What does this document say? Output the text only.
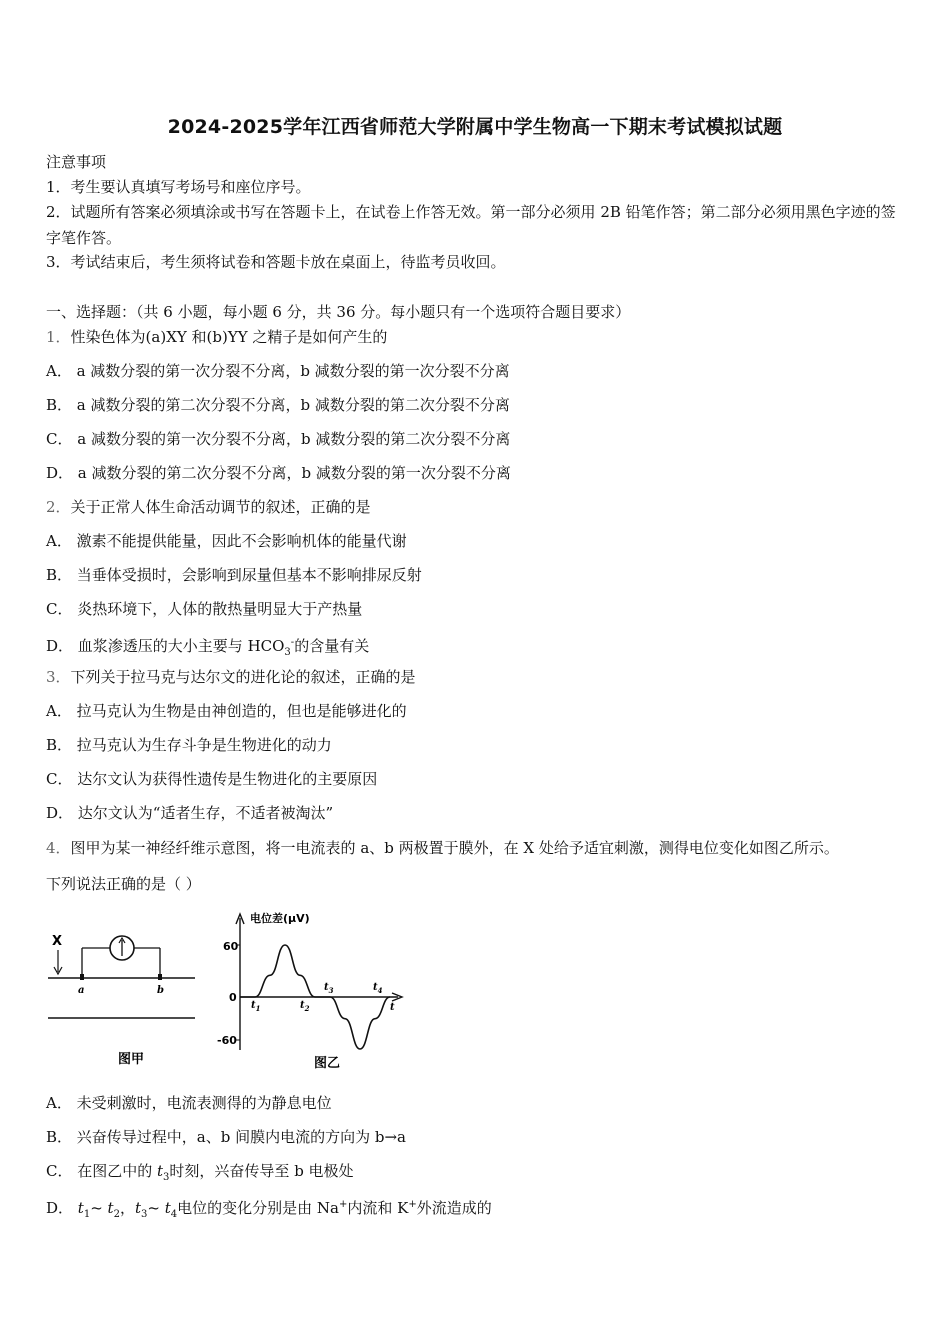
2024-2025学年江西省师范大学附属中学生物高一下期末考试模拟试题
注意事项
1．考生要认真填写考场号和座位序号。
2．试题所有答案必须填涂或书写在答题卡上，在试卷上作答无效。第一部分必须用 2B 铅笔作答；第二部分必须用黑色字迹的签字笔作答。
3．考试结束后，考生须将试卷和答题卡放在桌面上，待监考员收回。
一、选择题：（共 6 小题，每小题 6 分，共 36 分。每小题只有一个选项符合题目要求）
1．性染色体为(a)XY 和(b)YY 之精子是如何产生的
A． a 减数分裂的第一次分裂不分离，b 减数分裂的第一次分裂不分离
B． a 减数分裂的第二次分裂不分离，b 减数分裂的第二次分裂不分离
C． a 减数分裂的第一次分裂不分离，b 减数分裂的第二次分裂不分离
D． a 减数分裂的第二次分裂不分离，b 减数分裂的第一次分裂不分离
2．关于正常人体生命活动调节的叙述，正确的是
A． 激素不能提供能量，因此不会影响机体的能量代谢
B． 当垂体受损时，会影响到尿量但基本不影响排尿反射
C． 炎热环境下，人体的散热量明显大于产热量
D． 血浆渗透压的大小主要与 $HCO_3^-$的含量有关
3．下列关于拉马克与达尔文的进化论的叙述，正确的是
A． 拉马克认为生物是由神创造的，但也是能够进化的
B． 拉马克认为生存斗争是生物进化的动力
C． 达尔文认为获得性遗传是生物进化的主要原因
D． 达尔文认为“适者生存，不适者被淘汰”
4．图甲为某一神经纤维示意图，将一电流表的 a、b 两极置于膜外，在 X 处给予适宜刺激，测得电位变化如图乙所示。
下列说法正确的是（ ）
X
a	b
图甲
电位差(μV)
60
0
-60
$t_1$	$t_2$
$t_3$	$t_4$
t
图乙
A． 未受刺激时，电流表测得的为静息电位
B． 兴奋传导过程中，a、b 间膜内电流的方向为 b→a
C． 在图乙中的 $t_3$时刻，兴奋传导至 b 电极处
D． $t_1\sim$ $t_2$，$t_3\sim$ $t_4$电位的变化分别是由 Na+内流和 K+外流造成的
